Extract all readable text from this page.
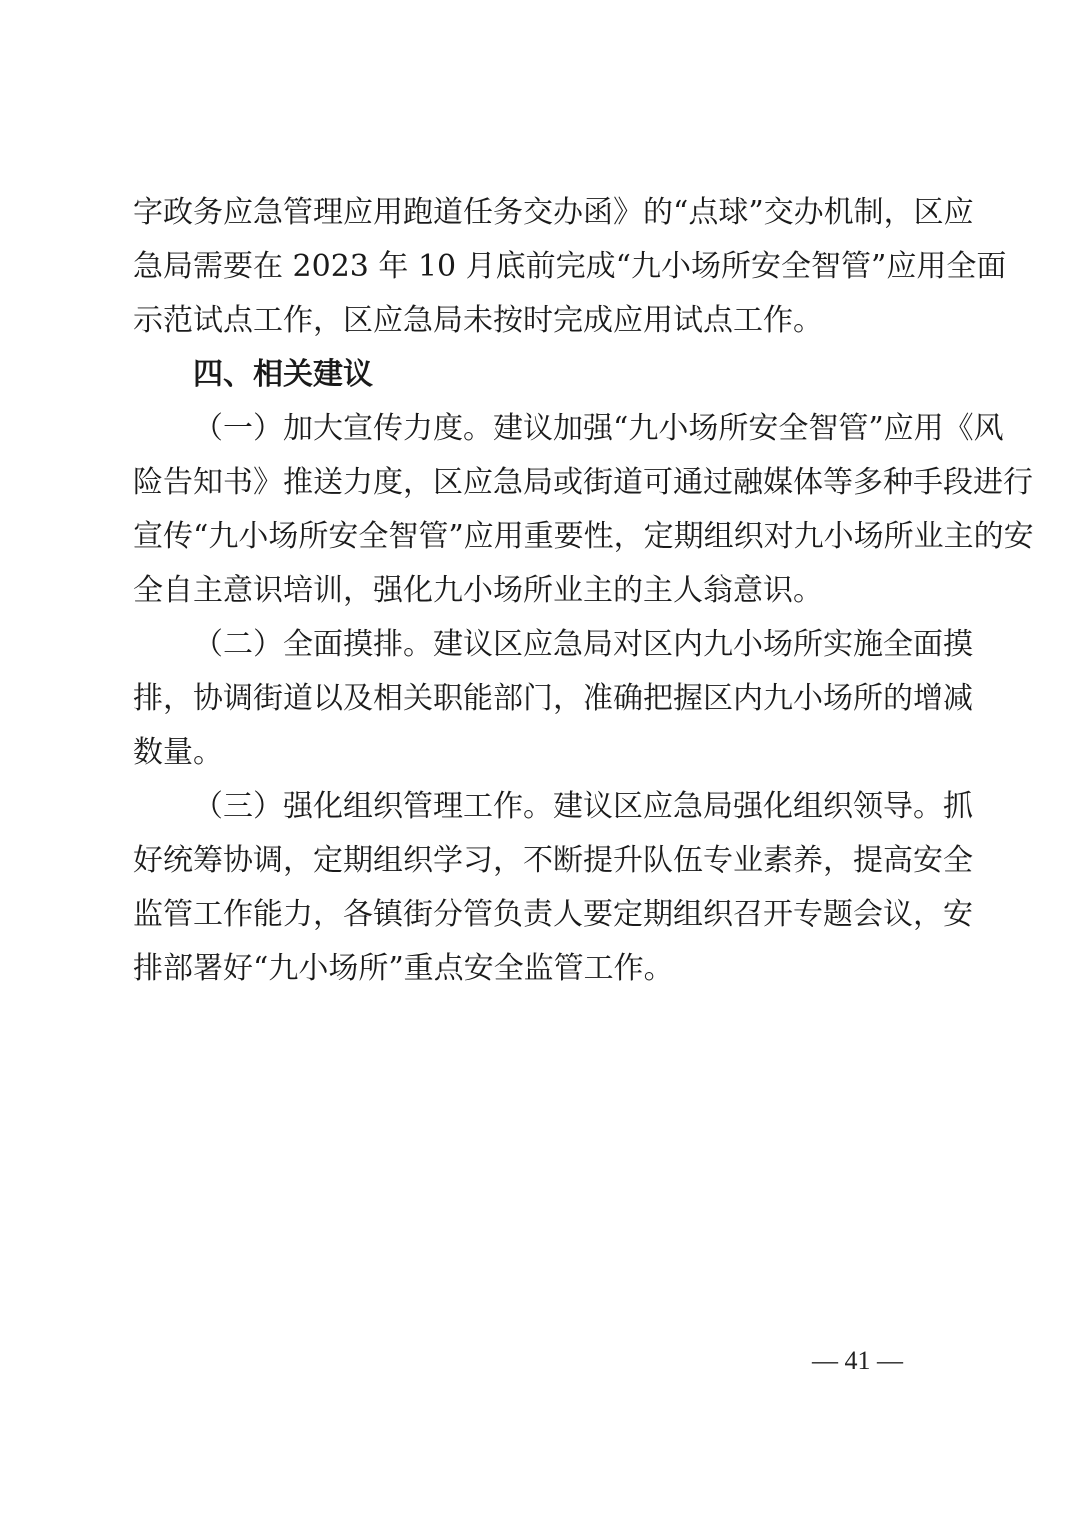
字政务应急管理应用跑道任务交办函》的“点球”交办机制，区应
急局需要在 2023 年 10 月底前完成“九小场所安全智管”应用全面
示范试点工作，区应急局未按时完成应用试点工作。
四、相关建议
（一）加大宣传力度。建议加强“九小场所安全智管”应用《风
险告知书》推送力度，区应急局或街道可通过融媒体等多种手段进行
宣传“九小场所安全智管”应用重要性，定期组织对九小场所业主的安
全自主意识培训，强化九小场所业主的主人翁意识。
（二）全面摸排。建议区应急局对区内九小场所实施全面摸
排，协调街道以及相关职能部门，准确把握区内九小场所的增减
数量。
（三）强化组织管理工作。建议区应急局强化组织领导。抓
好统筹协调，定期组织学习，不断提升队伍专业素养，提高安全
监管工作能力，各镇街分管负责人要定期组织召开专题会议，安
排部署好“九小场所”重点安全监管工作。
— 41 —
